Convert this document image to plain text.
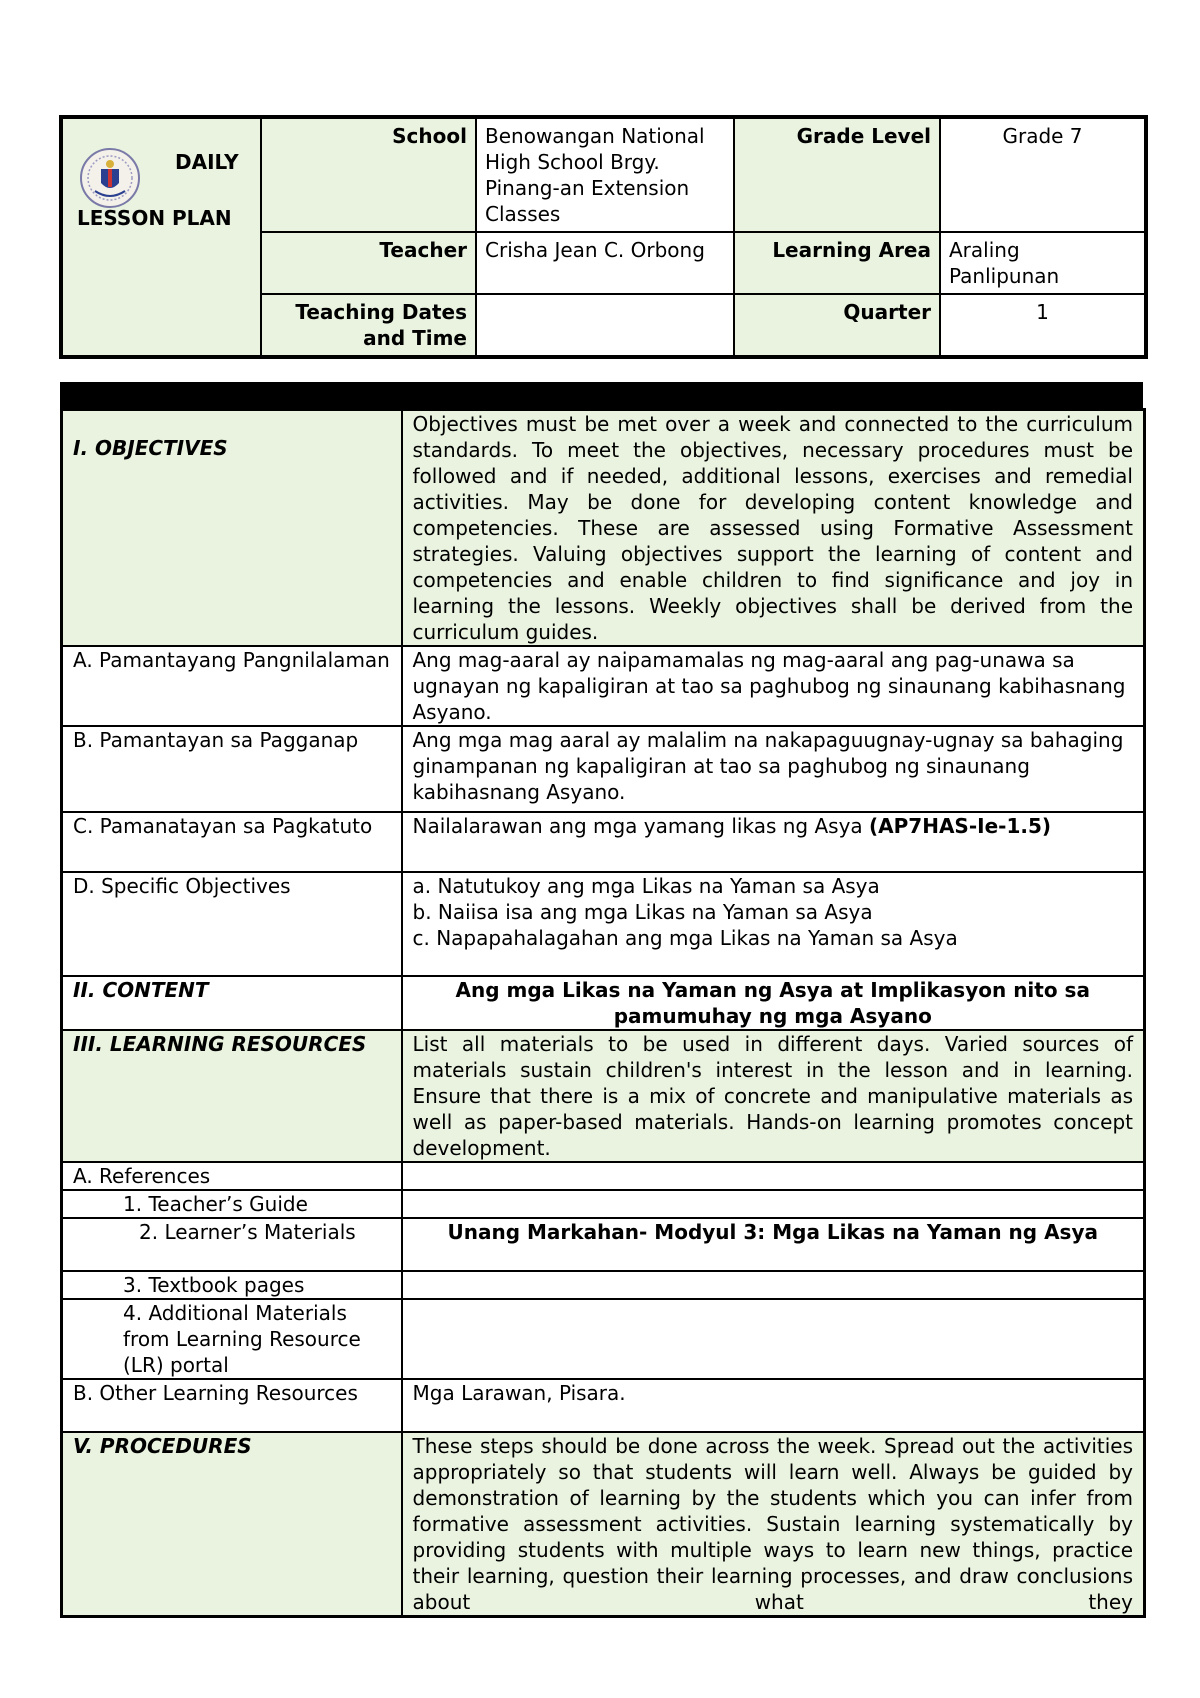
DAILY
LESSON PLAN	School	Benowangan National High School Brgy. Pinang-an Extension Classes	Grade Level	Grade 7
	Teacher	Crisha Jean C. Orbong	Learning Area	Araling Panlipunan
	Teaching Dates and Time		Quarter	1
I. OBJECTIVES	Objectives must be met over a week and connected to the curriculum standards. To meet the objectives, necessary procedures must be followed and if needed, additional lessons, exercises and remedial activities. May be done for developing content knowledge and competencies. These are assessed using Formative Assessment strategies. Valuing objectives support the learning of content and competencies and enable children to find significance and joy in learning the lessons. Weekly objectives shall be derived from the curriculum guides.
A. Pamantayang Pangnilalaman	Ang mag-aaral ay naipamamalas ng mag-aaral ang pag-unawa sa ugnayan ng kapaligiran at tao sa paghubog ng sinaunang kabihasnang Asyano.
B. Pamantayan sa Pagganap	Ang mga mag aaral ay malalim na nakapaguugnay-ugnay sa bahaging ginampanan ng kapaligiran at tao sa paghubog ng sinaunang kabihasnang Asyano.
C. Pamanatayan sa Pagkatuto	Nailalarawan ang mga yamang likas ng Asya (AP7HAS-Ie-1.5)
D. Specific Objectives	a. Natutukoy ang mga Likas na Yaman sa Asya
b. Naiisa isa ang mga Likas na Yaman sa Asya
c. Napapahalagahan ang mga Likas na Yaman sa Asya

II. CONTENT	Ang mga Likas na Yaman ng Asya at Implikasyon nito sa pamumuhay ng mga Asyano

III. LEARNING RESOURCES	List all materials to be used in different days. Varied sources of materials sustain children's interest in the lesson and in learning. Ensure that there is a mix of concrete and manipulative materials as well as paper-based materials. Hands-on learning promotes concept development.
A. References	
1. Teacher’s Guide	
2. Learner’s Materials	Unang Markahan- Modyul 3: Mga Likas na Yaman ng Asya
3. Textbook pages	
4. Additional Materials from Learning Resource (LR) portal	
B. Other Learning Resources	Mga Larawan, Pisara.

V. PROCEDURES	These steps should be done across the week. Spread out the activities appropriately so that students will learn well. Always be guided by demonstration of learning by the students which you can infer from formative assessment activities. Sustain learning systematically by providing students with multiple ways to learn new things, practice their learning, question their learning processes, and draw conclusions about what they
